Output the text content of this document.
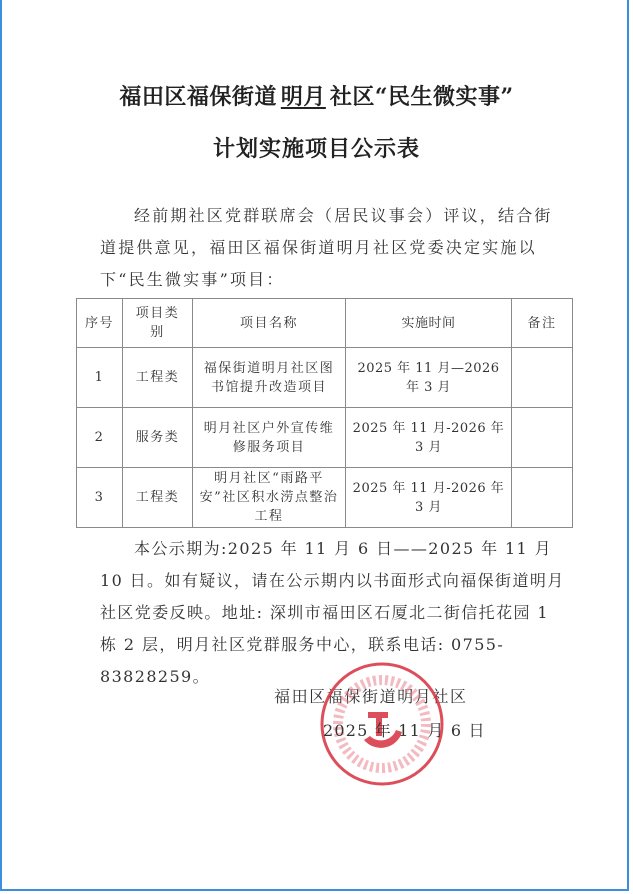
福田区福保街道 明月 社区“民生微实事”
计划实施项目公示表
经前期社区党群联席会（居民议事会）评议，结合街道提供意见，福田区福保街道明月社区党委决定实施以下“民生微实事”项目：
序号	项目类别	项目名称	实施时间	备注
1	工程类	福保街道明月社区图书馆提升改造项目	2025 年 11 月—2026 年 3 月	
2	服务类	明月社区户外宣传维修服务项目	2025 年 11 月-2026 年 3 月	
3	工程类	明月社区“雨路平安”社区积水涝点整治工程	2025 年 11 月-2026 年 3 月	
本公示期为:2025 年 11 月 6 日——2025 年 11 月 10 日。如有疑议，请在公示期内以书面形式向福保街道明月社区党委反映。地址: 深圳市福田区石厦北二街信托花园 1 栋 2 层，明月社区党群服务中心，联系电话: 0755-83828259。
福田区福保街道明月社区
2025 年 11 月 6 日
